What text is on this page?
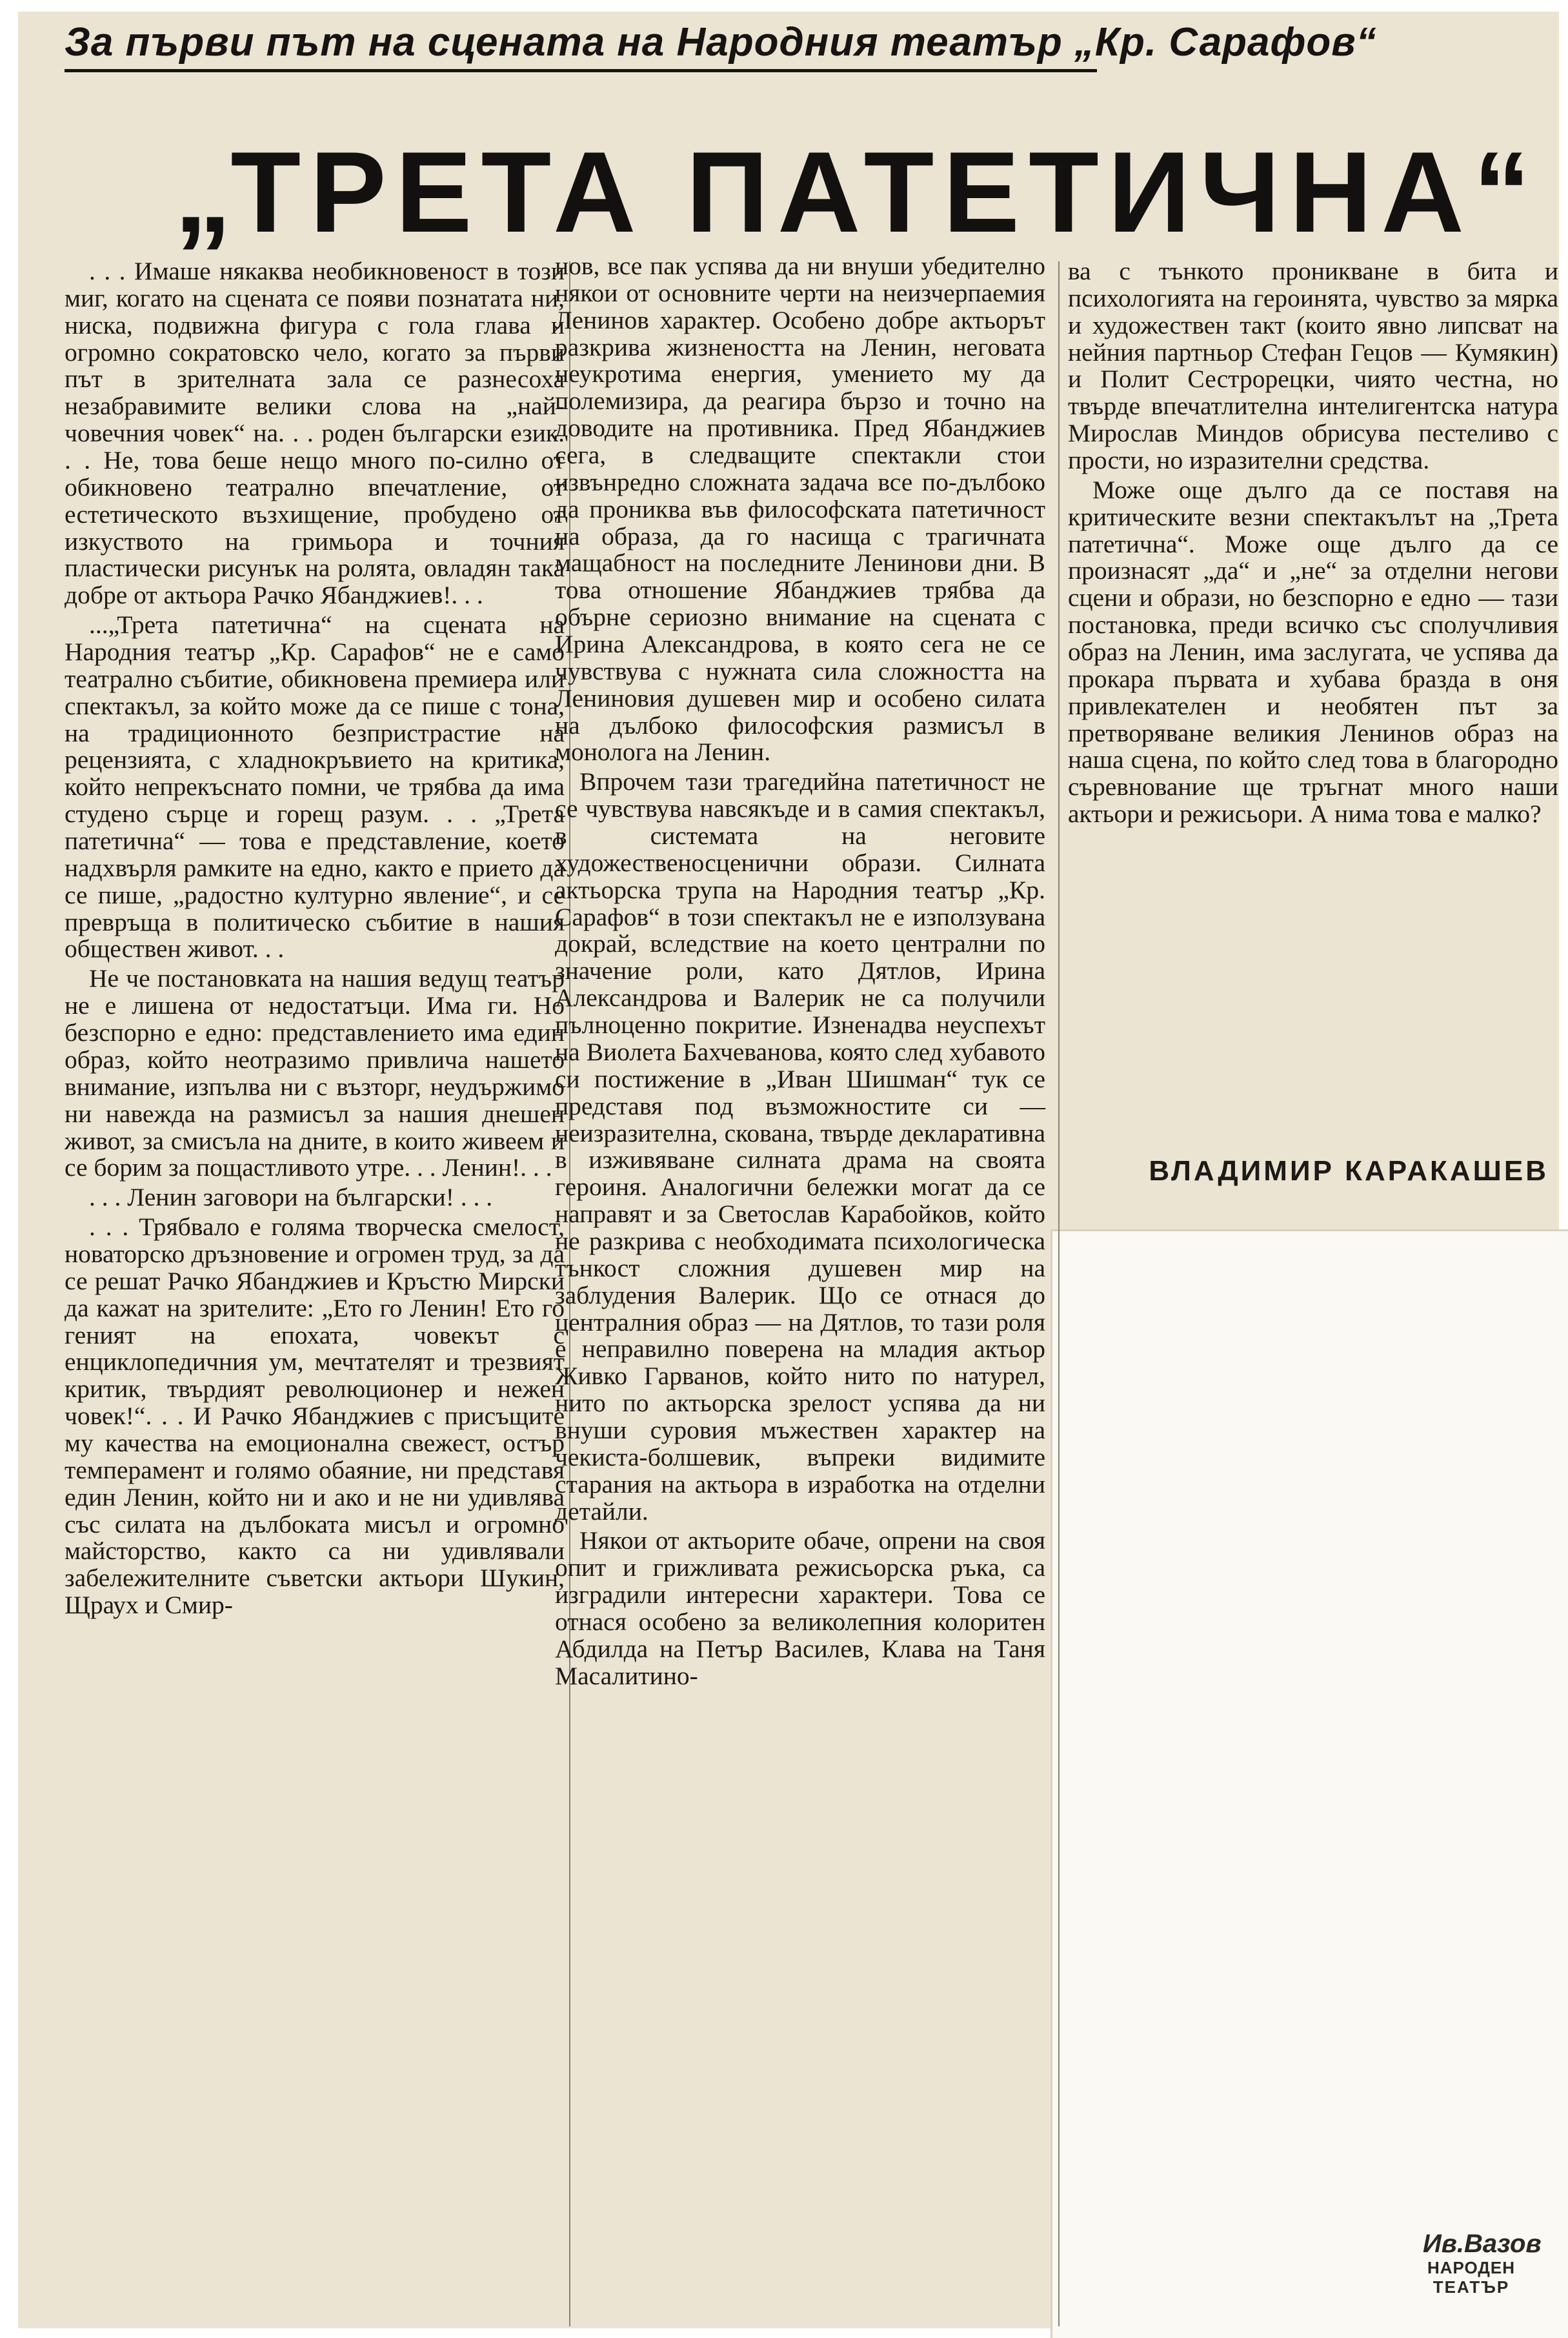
За първи път на сцената на Народния театър „Кр. Сарафов“
„ТРЕТА ПАТЕТИЧНА“

. . . Имаше някаква необикновеност в този миг, когато на сцената се появи познатата ни, ниска, подвижна фигура с гола глава и огромно сократовско чело, когато за първи път в зрителната зала се разнесоха незабравимите велики слова на „най-човечния човек“ на. . . роден български език. . . Не, това беше нещо много по-силно от обикновено театрално впечатление, от естетическото възхищение, пробудено от изкуството на гримьора и точния пластически рисунък на ролята, овладян така добре от актьора Рачко Ябанджиев!. . .

...„Трета патетична“ на сцената на Народния театър „Кр. Сарафов“ не е само театрално събитие, обикновена премиера или спектакъл, за който може да се пише с тона, на традиционното безпристрастие на рецензията, с хладнокръвието на критика, който непрекъснато помни, че трябва да има студено сърце и горещ разум. . . „Трета патетична“ — това е представление, което надхвърля рамките на едно, както е прието да се пише, „радостно културно явление“, и се превръща в политическо събитие в нашия обществен живот. . .

Не че постановката на нашия ведущ театър не е лишена от недостатъци. Има ги. Но безспорно е едно: представлението има един образ, който неотразимо привлича нашето внимание, изпълва ни с възторг, неудържимо ни навежда на размисъл за нашия днешен живот, за смисъла на дните, в които живеем и се борим за пощастливото утре. . . Ленин!. . .

. . . Ленин заговори на български! . . .

. . . Трябвало е голяма творческа смелост, новаторско дръзновение и огромен труд, за да се решат Рачко Ябанджиев и Кръстю Мирски да кажат на зрителите: „Ето го Ленин! Ето го геният на епохата, човекът с енциклопедичния ум, мечтателят и трезвият критик, твърдият революционер и нежен човек!“. . . И Рачко Ябанджиев с присъщите му качества на емоционална свежест, остър темперамент и голямо обаяние, ни представя един Ленин, който ни и ако и не ни удивлява със силата на дълбоката мисъл и огромно майсторство, както са ни удивлявали забележителните съветски актьори Шукин, Щраух и Смир-

нов, все пак успява да ни внуши убедително някои от основните черти на неизчерпаемия Ленинов характер. Особено добре актьорът разкрива жизнеността на Ленин, неговата неукротима енергия, умението му да полемизира, да реагира бързо и точно на доводите на противника. Пред Ябанджиев сега, в следващите спектакли стои извънредно сложната задача все по-дълбоко да прониква във философската патетичност на образа, да го насища с трагичната мащабност на последните Ленинови дни. В това отношение Ябанджиев трябва да обърне сериозно внимание на сцената с Ирина Александрова, в която сега не се чувствува с нужната сила сложността на Лениновия душевен мир и особено силата на дълбоко философския размисъл в монолога на Ленин.

Впрочем тази трагедийна патетичност не се чувствува навсякъде и в самия спектакъл, в системата на неговите художественосценични образи. Силната актьорска трупа на Народния театър „Кр. Сарафов“ в този спектакъл не е използувана докрай, вследствие на което централни по значение роли, като Дятлов, Ирина Александрова и Валерик не са получили пълноценно покритие. Изненадва неуспехът на Виолета Бахчеванова, която след хубавото си постижение в „Иван Шишман“ тук се представя под възможностите си — неизразителна, скована, твърде декларативна в изживяване силната драма на своята героиня. Аналогични бележки могат да се направят и за Светослав Карабойков, който не разкрива с необходимата психологическа тънкост сложния душевен мир на заблудения Валерик. Що се отнася до централния образ — на Дятлов, то тази роля е неправилно поверена на младия актьор Живко Гарванов, който нито по натурел, нито по актьорска зрелост успява да ни внуши суровия мъжествен характер на чекиста-болшевик, въпреки видимите старания на актьора в изработка на отделни детайли.

Някои от актьорите обаче, опрени на своя опит и грижливата режисьорска ръка, са изградили интересни характери. Това се отнася особено за великолепния колоритен Абдилда на Петър Василев, Клава на Таня Масалитино-

ва с тънкото проникване в бита и психологията на героинята, чувство за мярка и художествен такт (които явно липсват на нейния партньор Стефан Гецов — Кумякин) и Полит Сестрорецки, чиято честна, но твърде впечатлителна интелигентска натура Мирослав Миндов обрисува пестеливо с прости, но изразителни средства.

Може още дълго да се поставя на критическите везни спектакълът на „Трета патетична“. Може още дълго да се произнасят „да“ и „не“ за отделни негови сцени и образи, но безспорно е едно — тази постановка, преди всичко със сполучливия образ на Ленин, има заслугата, че успява да прокара първата и хубава бразда в оня привлекателен и необятен път за претворяване великия Ленинов образ на наша сцена, по който след това в благородно съревнование ще тръгнат много наши актьори и режисьори. А нима това е малко?

ВЛАДИМИР КАРАКАШЕВ
Ив.Вазов
НАРОДЕН
ТЕАТЪР
